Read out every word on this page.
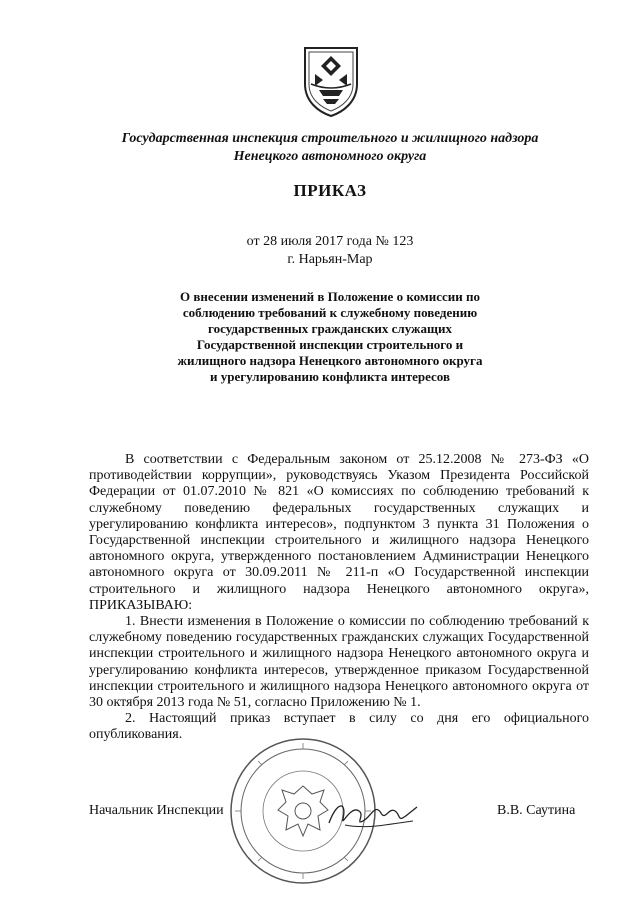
Государственная инспекция строительного и жилищного надзора
Ненецкого автономного округа
ПРИКАЗ
от 28 июля 2017 года № 123
г. Нарьян-Мар
О внесении изменений в Положение о комиссии по
соблюдению требований к служебному поведению
государственных гражданских служащих
Государственной инспекции строительного и
жилищного надзора Ненецкого автономного округа
и урегулированию конфликта интересов

В соответствии с Федеральным законом от 25.12.2008 № 273-ФЗ «О противодействии коррупции», руководствуясь Указом Президента Российской Федерации от 01.07.2010 № 821 «О комиссиях по соблюдению требований к служебному поведению федеральных государственных служащих и урегулированию конфликта интересов», подпунктом 3 пункта 31 Положения о Государственной инспекции строительного и жилищного надзора Ненецкого автономного округа, утвержденного постановлением Администрации Ненецкого автономного округа от 30.09.2011 № 211-п «О Государственной инспекции строительного и жилищного надзора Ненецкого автономного округа», ПРИКАЗЫВАЮ:

1. Внести изменения в Положение о комиссии по соблюдению требований к служебному поведению государственных гражданских служащих Государственной инспекции строительного и жилищного надзора Ненецкого автономного округа и урегулированию конфликта интересов, утвержденное приказом Государственной инспекции строительного и жилищного надзора Ненецкого автономного округа от 30 октября 2013 года № 51, согласно Приложению № 1.

2. Настоящий приказ вступает в силу со дня его официального опубликования.

Начальник Инспекции	В.В. Саутина
